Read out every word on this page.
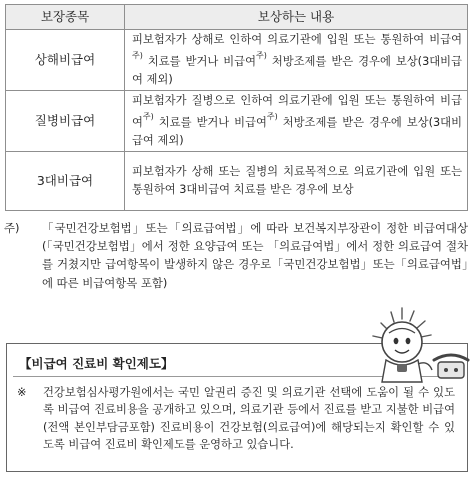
보장종목	보상하는 내용
상해비급여	피보험자가 상해로 인하여 의료기관에 입원 또는 통원하여 비급여$^{주)}$ 치료를 받거나 비급여$^{주)}$ 처방조제를 받은 경우에 보상(3대비급여 제외)
질병비급여	피보험자가 질병으로 인하여 의료기관에 입원 또는 통원하여 비급여$^{주)}$ 치료를 받거나 비급여$^{주)}$ 처방조제를 받은 경우에 보상(3대비급여 제외)
3대비급여	피보험자가 상해 또는 질병의 치료목적으로 의료기관에 입원 또는 통원하여 3대비급여 치료를 받은 경우에 보상
주)	「국민건강보험법」또는「의료급여법」에 따라 보건복지부장관이 정한 비급여대상 (「국민건강보험법」에서 정한 요양급여 또는 「의료급여법」에서 정한 의료급여 절차를 거쳤지만 급여항목이 발생하지 않은 경우로「국민건강보험법」또는「의료급여법」에 따른 비급여항목 포함)
【비급여 진료비 확인제도】
※	건강보험심사평가원에서는 국민 알권리 증진 및 의료기관 선택에 도움이 될 수 있도록 비급여 진료비용을 공개하고 있으며, 의료기관 등에서 진료를 받고 지불한 비급여(전액 본인부담금포함) 진료비용이 건강보험(의료급여)에 해당되는지 확인할 수 있도록 비급여 진료비 확인제도를 운영하고 있습니다.
